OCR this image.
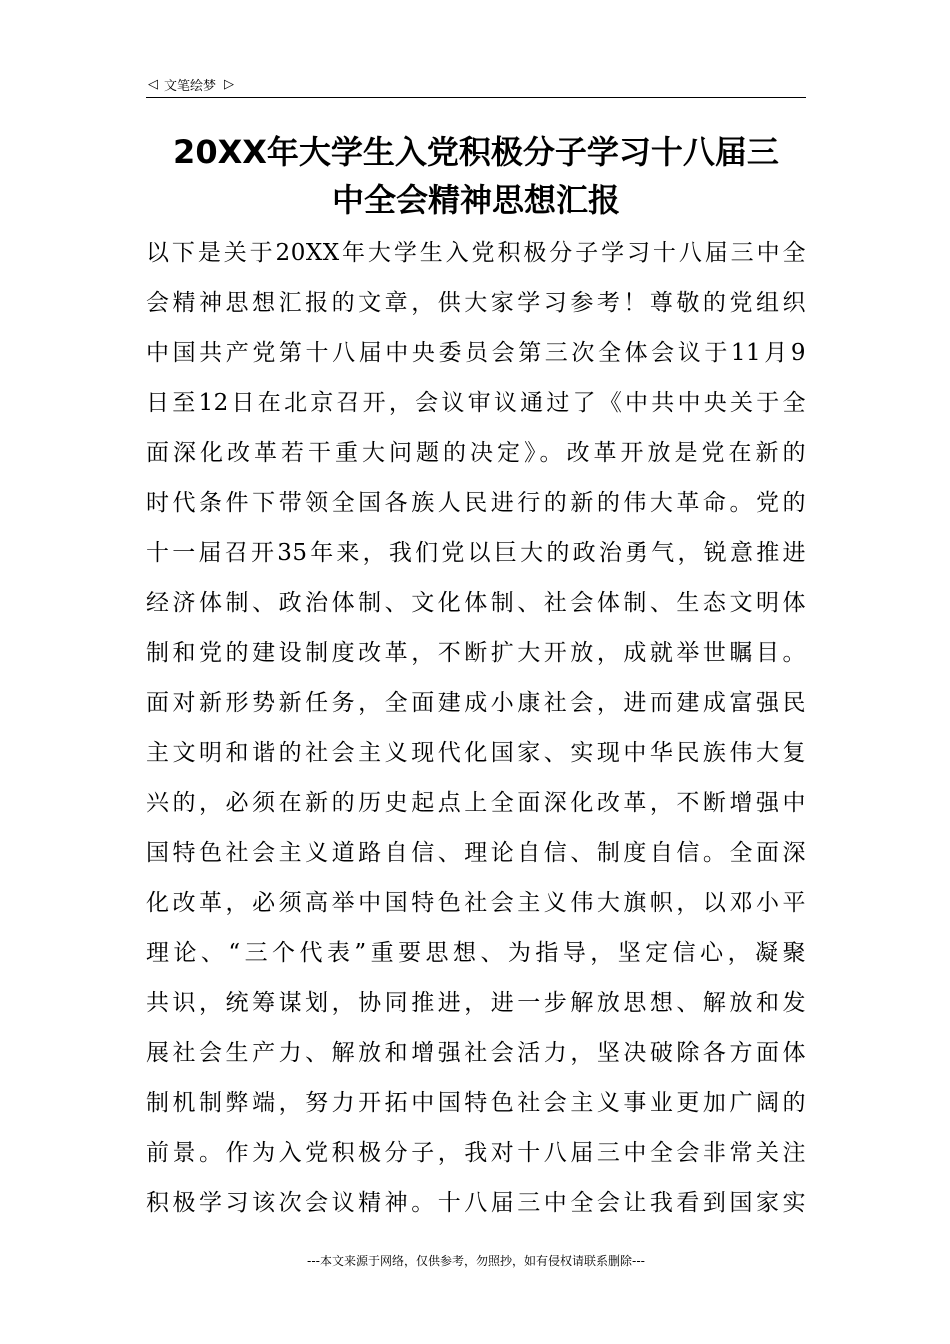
◁ 文笔绘梦 ▷
20XX年大学生入党积极分子学习十八届三
中全会精神思想汇报
以下是关于20XX年大学生入党积极分子学习十八届三中全
会精神思想汇报的文章，供大家学习参考！尊敬的党组织
中国共产党第十八届中央委员会第三次全体会议于11月9
日至12日在北京召开，会议审议通过了《中共中央关于全
面深化改革若干重大问题的决定》。改革开放是党在新的
时代条件下带领全国各族人民进行的新的伟大革命。党的
十一届召开35年来，我们党以巨大的政治勇气，锐意推进
经济体制、政治体制、文化体制、社会体制、生态文明体
制和党的建设制度改革，不断扩大开放，成就举世瞩目。
面对新形势新任务，全面建成小康社会，进而建成富强民
主文明和谐的社会主义现代化国家、实现中华民族伟大复
兴的，必须在新的历史起点上全面深化改革，不断增强中
国特色社会主义道路自信、理论自信、制度自信。全面深
化改革，必须高举中国特色社会主义伟大旗帜，以邓小平
理论、“三个代表”重要思想、为指导，坚定信心，凝聚
共识，统筹谋划，协同推进，进一步解放思想、解放和发
展社会生产力、解放和增强社会活力，坚决破除各方面体
制机制弊端，努力开拓中国特色社会主义事业更加广阔的
前景。作为入党积极分子，我对十八届三中全会非常关注
积极学习该次会议精神。十八届三中全会让我看到国家实
---本文来源于网络，仅供参考，勿照抄，如有侵权请联系删除---
